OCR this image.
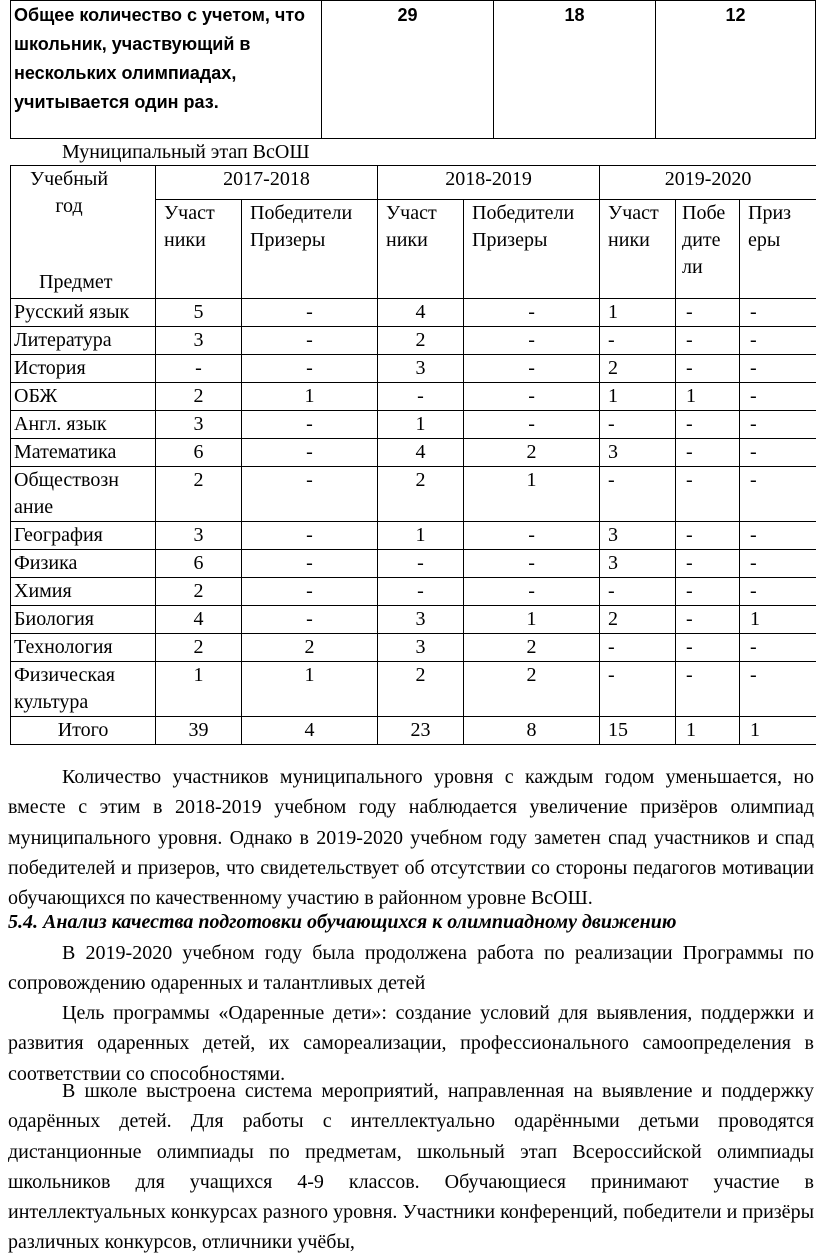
Общее количество с учетом, что школьник, участвующий в нескольких олимпиадах, учитывается один раз.	29	18	12
Муниципальный этап ВсОШ
Учебный год
Предмет	2017-2018		2018-2019		2019-2020		
	Участ ники	Победители Призеры	Участ ники	Победители Призеры	Участ ники	Побе дите ли	Приз еры
Русский язык	5	-	4	-	1	-	-
Литература	3	-	2	-	-	-	-
История	-	-	3	-	2	-	-
ОБЖ	2	1	-	-	1	1	-
Англ. язык	3	-	1	-	-	-	-
Математика	6	-	4	2	3	-	-
Обществозн ание	2	-	2	1	-	-	-
География	3	-	1	-	3	-	-
Физика	6	-	-	-	3	-	-
Химия	2	-	-	-	-	-	-
Биология	4	-	3	1	2	-	1
Технология	2	2	3	2	-	-	-
Физическая культура	1	1	2	2	-	-	-
Итого	39	4	23	8	15	1	1
Количество участников муниципального уровня с каждым годом уменьшается, но вместе с этим в 2018-2019 учебном году наблюдается увеличение призёров олимпиад муниципального уровня. Однако в 2019-2020 учебном году заметен спад участников и спад победителей и призеров, что свидетельствует об отсутствии со стороны педагогов мотивации обучающихся по качественному участию в районном уровне ВсОШ.
5.4. Анализ качества подготовки обучающихся к олимпиадному движению
В 2019-2020 учебном году была продолжена работа по реализации Программы по сопровождению одаренных и талантливых детей
Цель программы «Одаренные дети»: создание условий для выявления, поддержки и развития одаренных детей, их самореализации, профессионального самоопределения в соответствии со способностями.
В школе выстроена система мероприятий, направленная на выявление и поддержку одарённых детей. Для работы с интеллектуально одарёнными детьми проводятся дистанционные олимпиады по предметам, школьный этап Всероссийской олимпиады школьников для учащихся 4-9 классов. Обучающиеся принимают участие в интеллектуальных конкурсах разного уровня. Участники конференций, победители и призёры различных конкурсов, отличники учёбы,
